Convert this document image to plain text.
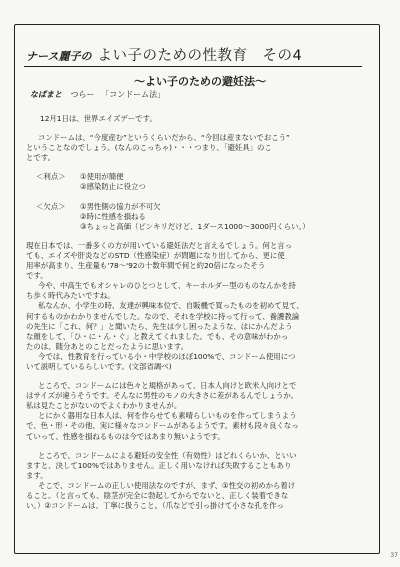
ナース麗子の よい子のための性教育　その4
〜よい子のための避妊法〜
なぱまと つらー 「コンドーム法」

12月1日は、世界エイズデーです。

コンドームは、“今度産む”というくらいだから、“今回は産まないでおこう”

ということなのでしょう。(なんのこっちゃ)・・・つまり、「避妊具」のこ

とです。

＜利点＞	①使用が簡便
②感染防止に役立つ
＜欠点＞	①男性側の協力が不可欠
②時に性感を損ねる
③ちょっと高価（ピンキリだけど、1ダース1000〜3000円くらい。）

現在日本では、一番多くの方が用いている避妊法だと言えるでしょう。何と言っ

ても、エイズや肝炎などのSTD（性感染症）が問題になり出してから、更に使

用率が高まり、生産量も'78〜'92の十数年間で何と約20倍になったそう

です。

今や、中高生でもオシャレのひとつとして、キーホルダー型のものなんかを持

ち歩く時代みたいですね。

私なんか、小学生の時、友達が興味本位で、自販機で買ったものを初めて見て、

何するものかわかりませんでした。なので、それを学校に持って行って、養護教論

の先生に「これ、何？」と聞いたら、先生は少し困ったような、はにかんだよう

な顔をして、「ひ・に・ん・ぐ」と教えてくれました。でも、その意味がわかっ

たのは、随分あとのことだったように思います。

今では、性教育を行っている小・中学校のほぼ100%で、コンドーム使用につ

いて説明しているらしいです。(文部省調べ)

ところで、コンドームには色々と規格があって、日本人向けと欧米人向けとで

はサイズが違うそうです。そんなに男性のモノの大きさに差があるんでしょうか。

私は見たことがないのでよくわかりませんが。

とにかく器用な日本人は、何を作らせても素晴らしいものを作ってしまうよう

で、色・形・その他、実に様々なコンドームがあるようです。素材も段々良くなっ

ていって、性感を損ねるものは今ではあまり無いようです。

ところで、コンドームによる避妊の安全性（有効性）はどれくらいか、といい

ますと、決して100%ではありません。正しく用いなければ失敗することもあり

ます。

そこで、コンドームの正しい使用法なのですが、まず、①性交の初めから着け

ること。（と言っても、陰茎が完全に勃起してからでないと、正しく装着できな

い。）②コンドームは、丁寧に扱うこと。（爪などで引っ掛けて小さな孔を作っ

37
